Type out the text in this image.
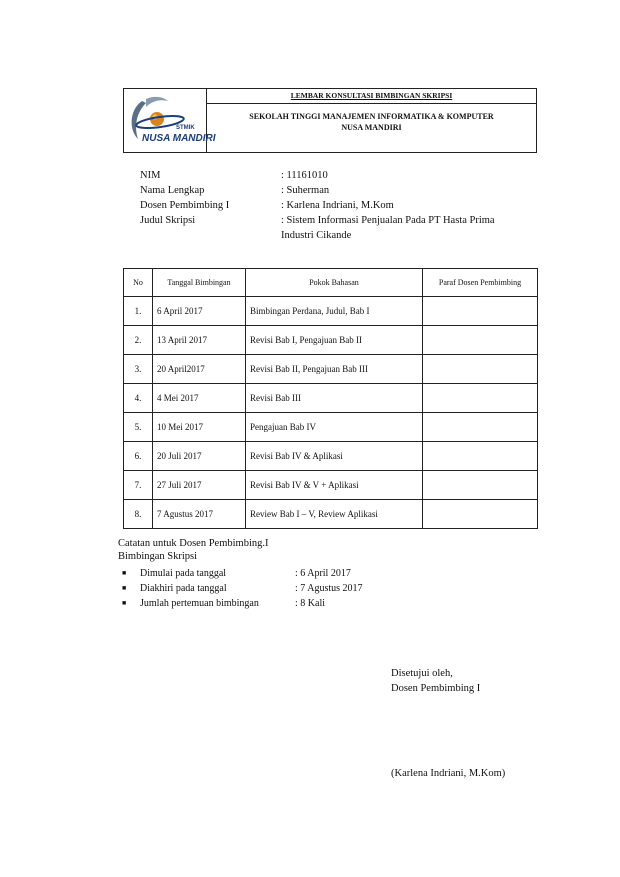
STMIK
NUSA MANDIRI
LEMBAR KONSULTASI BIMBINGAN SKRIPSI
SEKOLAH TINGGI MANAJEMEN INFORMATIKA & KOMPUTER
NUSA MANDIRI
NIM	: 11161010
Nama Lengkap	: Suherman
Dosen Pembimbing I	: Karlena Indriani, M.Kom
Judul Skripsi	: Sistem Informasi Penjualan Pada PT Hasta Prima Industri Cikande
No	Tanggal Bimbingan	Pokok Bahasan	Paraf Dosen Pembimbing
1.	6 April 2017	Bimbingan Perdana, Judul, Bab I	
2.	13 April 2017	Revisi Bab I, Pengajuan Bab II	
3.	20 April2017	Revisi Bab II, Pengajuan Bab III	
4.	4 Mei 2017	Revisi Bab III	
5.	10 Mei 2017	Pengajuan Bab IV	
6.	20 Juli 2017	Revisi Bab IV & Aplikasi	
7.	27 Juli 2017	Revisi Bab IV & V + Aplikasi	
8.	7 Agustus 2017	Review Bab I – V, Review Aplikasi	
Catatan untuk Dosen Pembimbing.I
Bimbingan Skripsi
■	Dimulai pada tanggal	: 6 April 2017
■	Diakhiri pada tanggal	: 7 Agustus 2017
■	Jumlah pertemuan bimbingan	: 8 Kali
Disetujui oleh,
Dosen Pembimbing I
(Karlena Indriani, M.Kom)
